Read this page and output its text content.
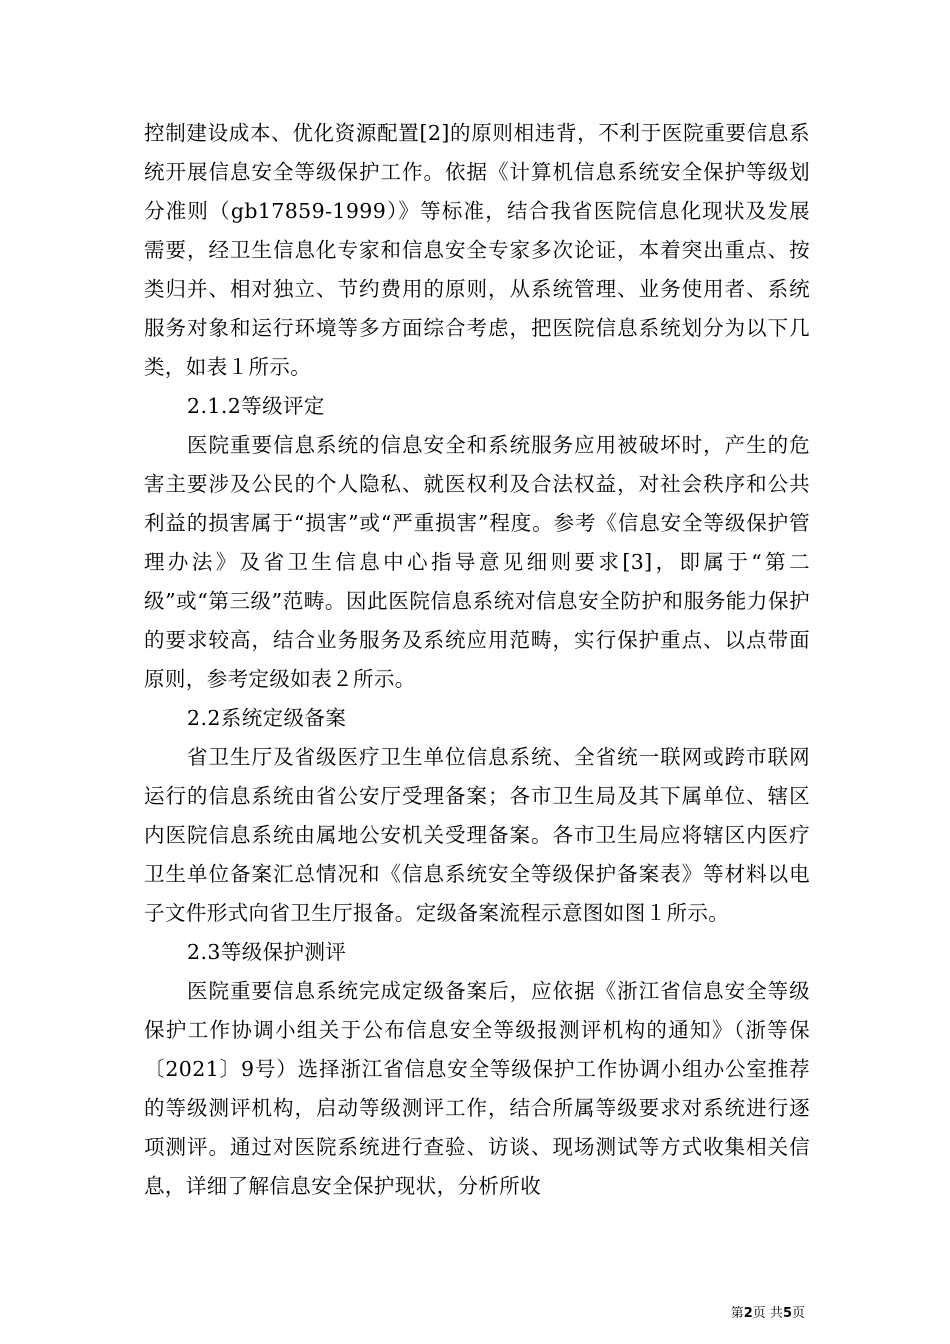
控制建设成本、优化资源配置[2]的原则相违背，不利于医院重要信息系统开展信息安全等级保护工作。依据《计算机信息系统安全保护等级划分准则（gb17859-1999）》等标准，结合我省医院信息化现状及发展需要，经卫生信息化专家和信息安全专家多次论证，本着突出重点、按类归并、相对独立、节约费用的原则，从系统管理、业务使用者、系统服务对象和运行环境等多方面综合考虑，把医院信息系统划分为以下几类，如表１所示。

2.1.2等级评定

医院重要信息系统的信息安全和系统服务应用被破坏时，产生的危害主要涉及公民的个人隐私、就医权利及合法权益，对社会秩序和公共利益的损害属于“损害”或“严重损害”程度。参考《信息安全等级保护管理办法》及省卫生信息中心指导意见细则要求[3]，即属于“第二级”或“第三级”范畴。因此医院信息系统对信息安全防护和服务能力保护的要求较高，结合业务服务及系统应用范畴，实行保护重点、以点带面原则，参考定级如表２所示。

2.2系统定级备案

省卫生厅及省级医疗卫生单位信息系统、全省统一联网或跨市联网运行的信息系统由省公安厅受理备案；各市卫生局及其下属单位、辖区内医院信息系统由属地公安机关受理备案。各市卫生局应将辖区内医疗卫生单位备案汇总情况和《信息系统安全等级保护备案表》等材料以电子文件形式向省卫生厅报备。定级备案流程示意图如图１所示。

2.3等级保护测评

医院重要信息系统完成定级备案后，应依据《浙江省信息安全等级保护工作协调小组关于公布信息安全等级报测评机构的通知》（浙等保〔2021〕9号）选择浙江省信息安全等级保护工作协调小组办公室推荐的等级测评机构，启动等级测评工作，结合所属等级要求对系统进行逐项测评。通过对医院系统进行查验、访谈、现场测试等方式收集相关信息，详细了解信息安全保护现状，分析所收

第2页 共5页
